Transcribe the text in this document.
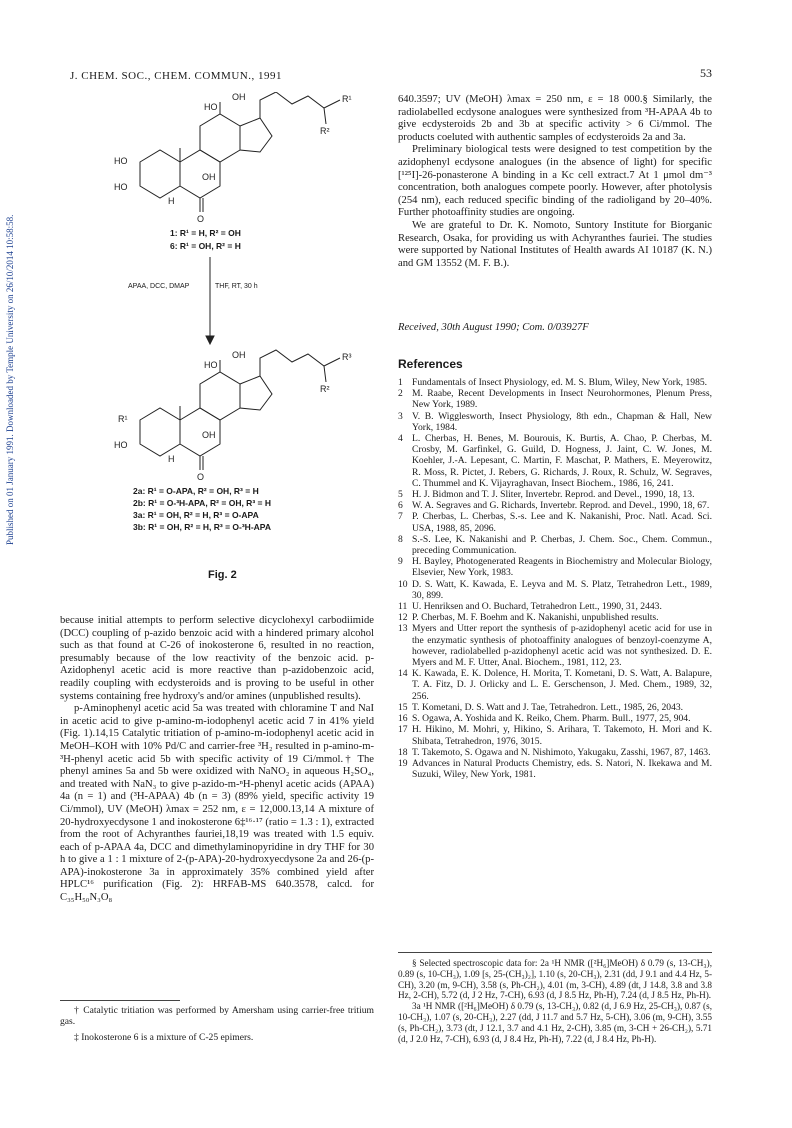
J. CHEM. SOC., CHEM. COMMUN., 1991	53
Published on 01 January 1991. Downloaded by Temple University on 26/10/2014 10:58:58.
OH
HO
R¹
R²
HO
HO
OH
H
O
OH
HO
R³
R²
R¹
HO
OH
H
O
1: R¹ = H, R² = OH
6: R¹ = OH, R² = H
APAA, DCC, DMAP	THF, RT, 30 h
2a: R¹ = O-APA, R² = OH, R³ = H
2b: R¹ = O-³H-APA, R² = OH, R³ = H
3a: R¹ = OH, R² = H, R³ = O-APA
3b: R¹ = OH, R² = H, R³ = O-³H-APA
Fig. 2

because initial attempts to perform selective dicyclohexyl carbodiimide (DCC) coupling of p-azido benzoic acid with a hindered primary alcohol such as that found at C-26 of inokosterone 6, resulted in no reaction, presumably because of the low reactivity of the benzoic acid. p-Azidophenyl acetic acid is more reactive than p-azidobenzoic acid, readily coupling with ecdysteroids and is proving to be useful in other systems containing free hydroxy's and/or amines (unpublished results).

p-Aminophenyl acetic acid 5a was treated with chloramine T and NaI in acetic acid to give p-amino-m-iodophenyl acetic acid 7 in 41% yield (Fig. 1).14,15 Catalytic tritiation of p-amino-m-iodophenyl acetic acid in MeOH–KOH with 10% Pd/C and carrier-free ³H₂ resulted in p-amino-m-³H-phenyl acetic acid 5b with specific activity of 19 Ci/mmol.† The phenyl amines 5a and 5b were oxidized with NaNO₂ in aqueous H₂SO₄, and treated with NaN₃ to give p-azido-m-ⁿH-phenyl acetic acids (APAA) 4a (n = 1) and (³H-APAA) 4b (n = 3) (89% yield, specific activity 19 Ci/mmol), UV (MeOH) λmax = 252 nm, ε = 12,000.13,14 A mixture of 20-hydroxyecdysone 1 and inokosterone 6‡¹⁶·¹⁷ (ratio = 1.3 : 1), extracted from the root of Achyranthes fauriei,18,19 was treated with 1.5 equiv. each of p-APAA 4a, DCC and dimethylaminopyridine in dry THF for 30 h to give a 1 : 1 mixture of 2-(p-APA)-20-hydroxyecdysone 2a and 26-(p-APA)-inokosterone 3a in approximately 35% combined yield after HPLC¹⁶ purification (Fig. 2): HRFAB-MS 640.3578, calcd. for C₃₅H₅₀N₃O₈

† Catalytic tritiation was performed by Amersham using carrier-free tritium gas.
‡ Inokosterone 6 is a mixture of C-25 epimers.

640.3597; UV (MeOH) λmax = 250 nm, ε = 18 000.§ Similarly, the radiolabelled ecdysone analogues were synthesized from ³H-APAA 4b to give ecdysteroids 2b and 3b at specific activity > 6 Ci/mmol. The products coeluted with authentic samples of ecdysteroids 2a and 3a.

Preliminary biological tests were designed to test competition by the azidophenyl ecdysone analogues (in the absence of light) for specific [¹²⁵I]-26-ponasterone A binding in a Kc cell extract.7 At 1 μmol dm⁻³ concentration, both analogues compete poorly. However, after photolysis (254 nm), each reduced specific binding of the radioligand by 20–40%. Further photoaffinity studies are ongoing.

We are grateful to Dr. K. Nomoto, Suntory Institute for Biorganic Research, Osaka, for providing us with Achyranthes fauriei. The studies were supported by National Institutes of Health awards AI 10187 (K. N.) and GM 13552 (M. F. B.).

Received, 30th August 1990; Com. 0/03927F
References
1 Fundamentals of Insect Physiology, ed. M. S. Blum, Wiley, New York, 1985.
2 M. Raabe, Recent Developments in Insect Neurohormones, Plenum Press, New York, 1989.
3 V. B. Wigglesworth, Insect Physiology, 8th edn., Chapman & Hall, New York, 1984.
4 L. Cherbas, H. Benes, M. Bourouis, K. Burtis, A. Chao, P. Cherbas, M. Crosby, M. Garfinkel, G. Guild, D. Hogness, J. Jaint, C. W. Jones, M. Koehler, J.-A. Lepesant, C. Martin, F. Maschat, P. Mathers, E. Meyerowitz, R. Moss, R. Pictet, J. Rebers, G. Richards, J. Roux, R. Schulz, W. Segraves, C. Thummel and K. Vijayraghavan, Insect Biochem., 1986, 16, 241.
5 H. J. Bidmon and T. J. Sliter, Invertebr. Reprod. and Devel., 1990, 18, 13.
6 W. A. Segraves and G. Richards, Invertebr. Reprod. and Devel., 1990, 18, 67.
7 P. Cherbas, L. Cherbas, S.-s. Lee and K. Nakanishi, Proc. Natl. Acad. Sci. USA, 1988, 85, 2096.
8 S.-S. Lee, K. Nakanishi and P. Cherbas, J. Chem. Soc., Chem. Commun., preceding Communication.
9 H. Bayley, Photogenerated Reagents in Biochemistry and Molecular Biology, Elsevier, New York, 1983.
10 D. S. Watt, K. Kawada, E. Leyva and M. S. Platz, Tetrahedron Lett., 1989, 30, 899.
11 U. Henriksen and O. Buchard, Tetrahedron Lett., 1990, 31, 2443.
12 P. Cherbas, M. F. Boehm and K. Nakanishi, unpublished results.
13 Myers and Utter report the synthesis of p-azidophenyl acetic acid for use in the enzymatic synthesis of photoaffinity analogues of benzoyl-coenzyme A, however, radiolabelled p-azidophenyl acetic acid was not synthesized. D. E. Myers and M. F. Utter, Anal. Biochem., 1981, 112, 23.
14 K. Kawada, E. K. Dolence, H. Morita, T. Kometani, D. S. Watt, A. Balapure, T. A. Fitz, D. J. Orlicky and L. E. Gerschenson, J. Med. Chem., 1989, 32, 256.
15 T. Kometani, D. S. Watt and J. Tae, Tetrahedron. Lett., 1985, 26, 2043.
16 S. Ogawa, A. Yoshida and K. Reiko, Chem. Pharm. Bull., 1977, 25, 904.
17 H. Hikino, M. Mohri, y, Hikino, S. Arihara, T. Takemoto, H. Mori and K. Shibata, Tetrahedron, 1976, 3015.
18 T. Takemoto, S. Ogawa and N. Nishimoto, Yakugaku, Zasshi, 1967, 87, 1463.
19 Advances in Natural Products Chemistry, eds. S. Natori, N. Ikekawa and M. Suzuki, Wiley, New York, 1981.
§ Selected spectroscopic data for: 2a ¹H NMR ([²H₆]MeOH) δ 0.79 (s, 13-CH₃), 0.89 (s, 10-CH₃), 1.09 [s, 25-(CH₃)₂], 1.10 (s, 20-CH₃), 2.31 (dd, J 9.1 and 4.4 Hz, 5-CH), 3.20 (m, 9-CH), 3.58 (s, Ph-CH₂), 4.01 (m, 3-CH), 4.89 (dt, J 14.8, 3.8 and 3.8 Hz, 2-CH), 5.72 (d, J 2 Hz, 7-CH), 6.93 (d, J 8.5 Hz, Ph-H), 7.24 (d, J 8.5 Hz, Ph-H).
3a ¹H NMR ([²H₆]MeOH) δ 0.79 (s, 13-CH₃), 0.82 (d, J 6.9 Hz, 25-CH₃), 0.87 (s, 10-CH₃), 1.07 (s, 20-CH₃), 2.27 (dd, J 11.7 and 5.7 Hz, 5-CH), 3.06 (m, 9-CH), 3.55 (s, Ph-CH₂), 3.73 (dt, J 12.1, 3.7 and 4.1 Hz, 2-CH), 3.85 (m, 3-CH + 26-CH₂), 5.71 (d, J 2.0 Hz, 7-CH), 6.93 (d, J 8.4 Hz, Ph-H), 7.22 (d, J 8.4 Hz, Ph-H).
